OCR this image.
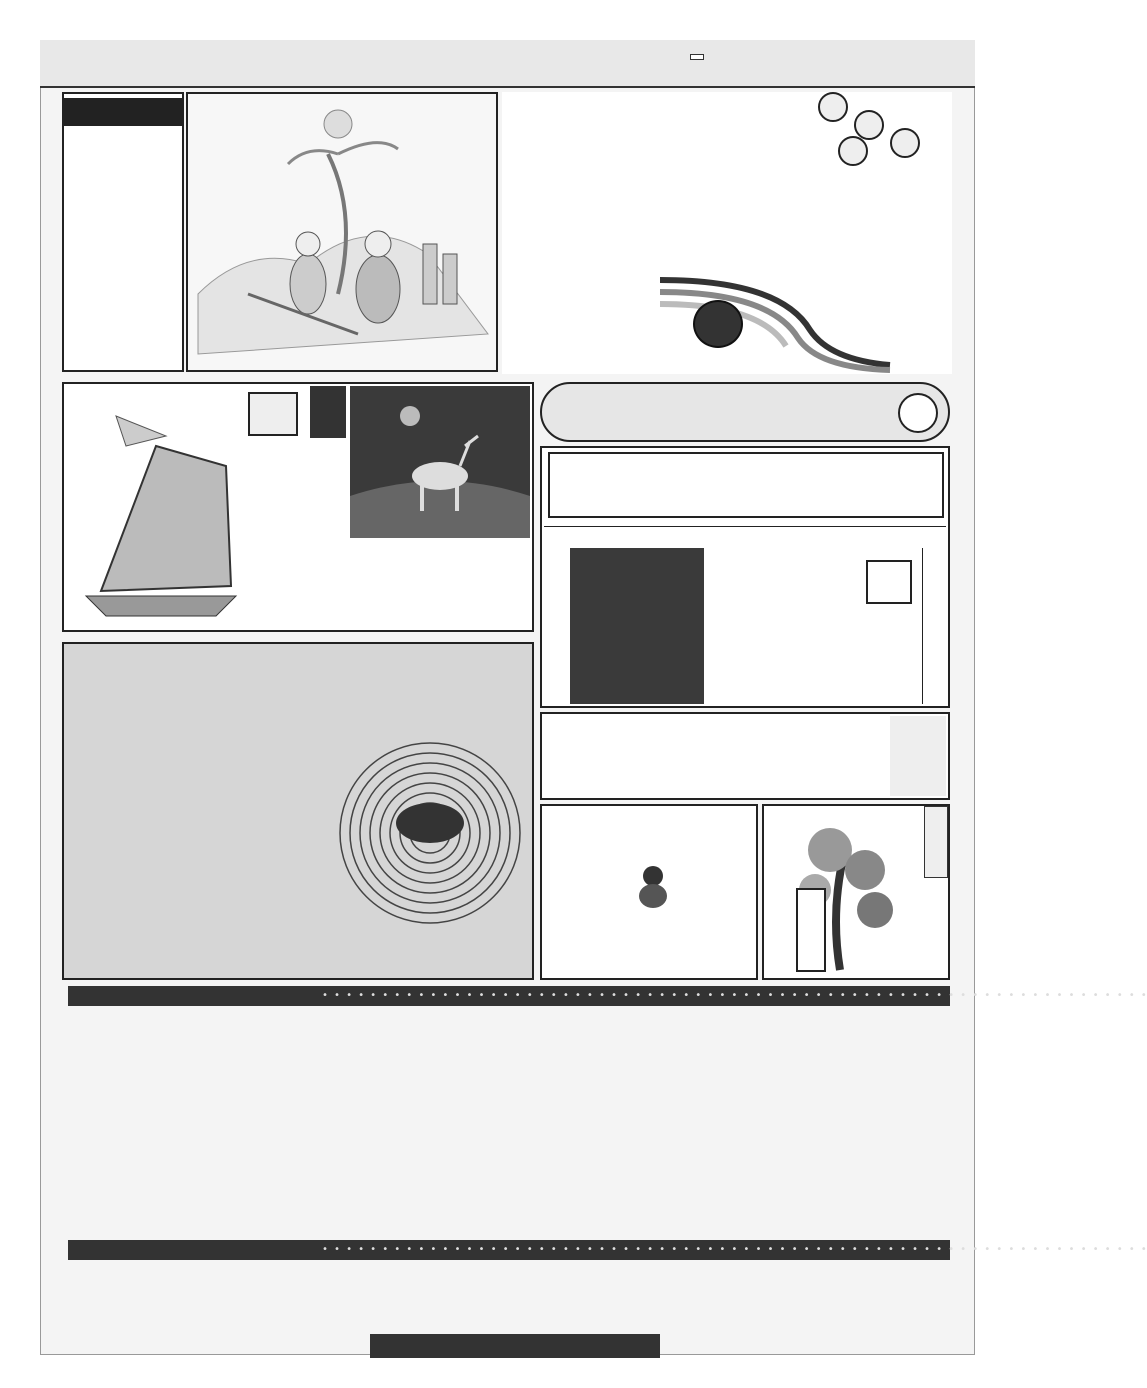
• • • • • • • • • • • • • • • • • • • • • • • • • • • • • • • • • • • • • • • • • • • • • • • • • • • • • • • • • • • • • • • • • • • • •
• • • • • • • • • • • • • • • • • • • • • • • • • • • • • • • • • • • • • • • • • • • • • • • • • • • • • • • • • • • • • • • • • • • • •
